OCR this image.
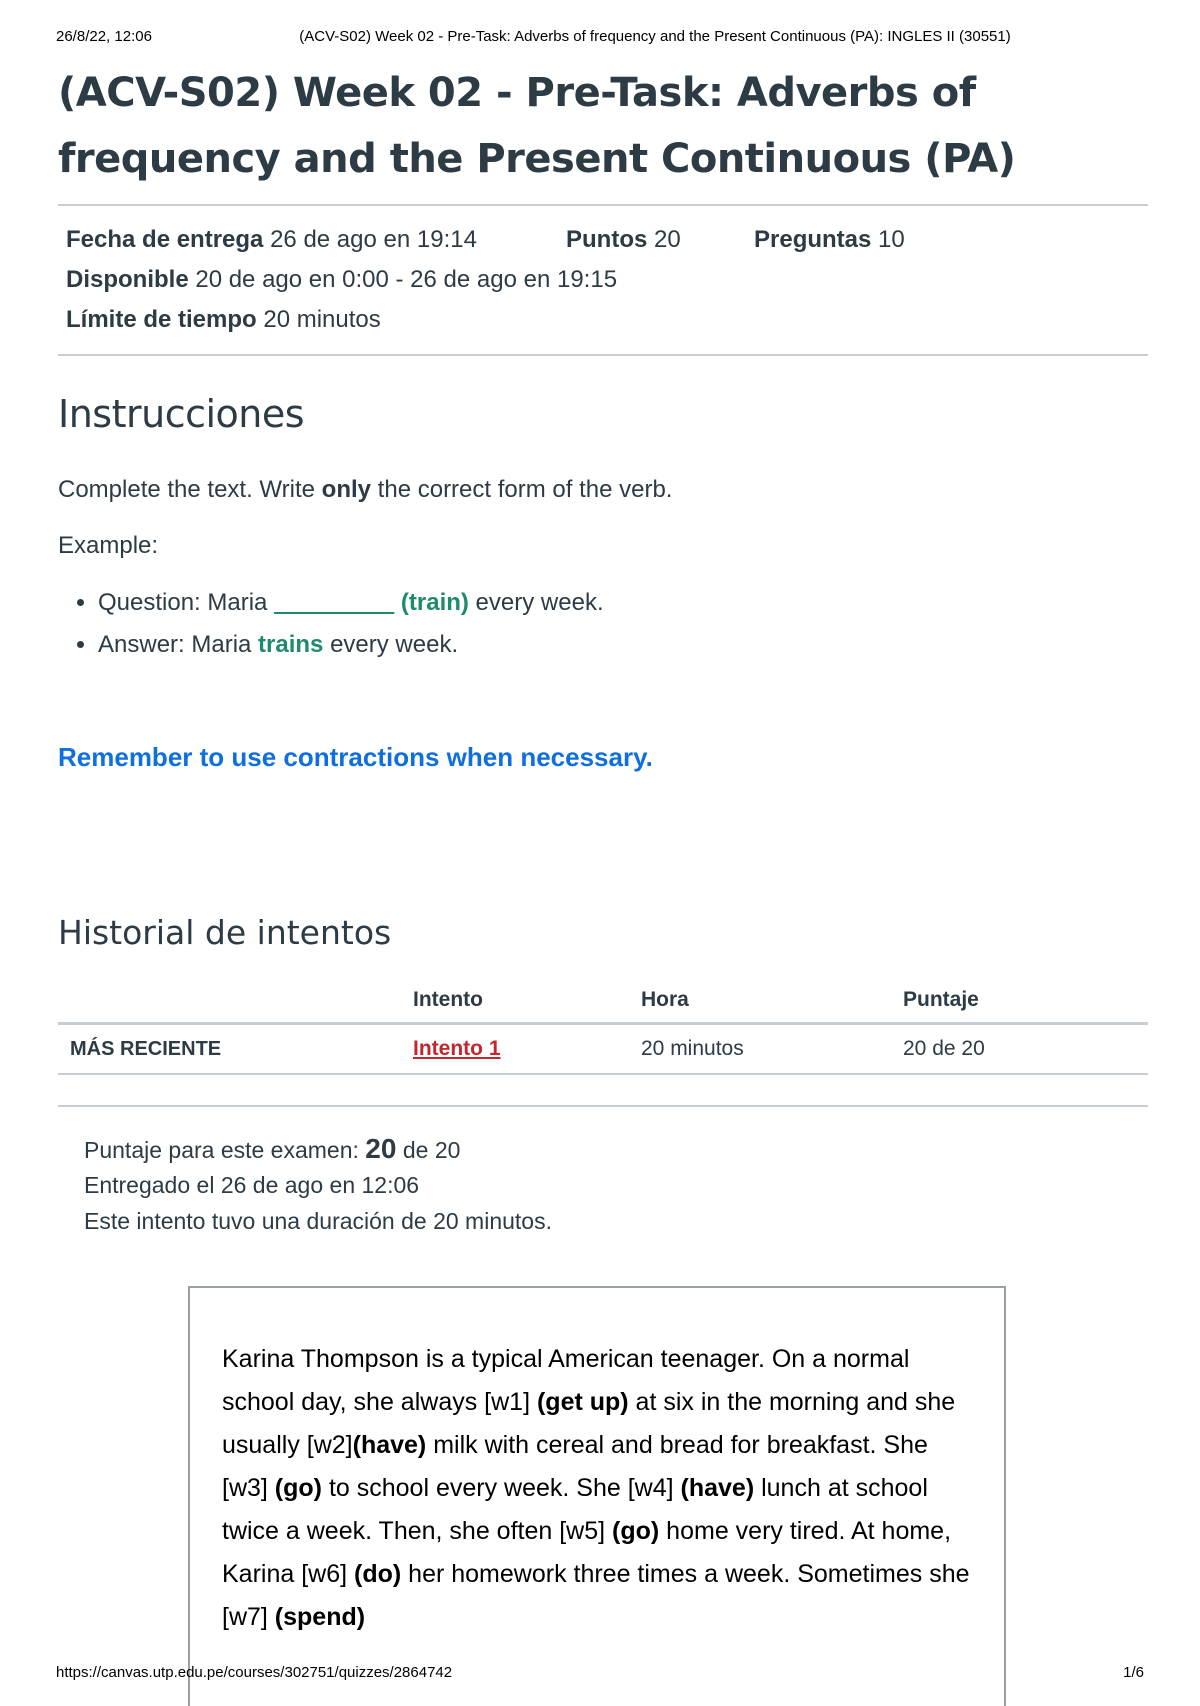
26/8/22, 12:06	(ACV-S02) Week 02 - Pre-Task: Adverbs of frequency and the Present Continuous (PA): INGLES II (30551)
(ACV-S02) Week 02 - Pre-Task: Adverbs of frequency and the Present Continuous (PA)
Fecha de entrega 26 de ago en 19:14	Puntos 20	Preguntas 10
Disponible 20 de ago en 0:00 - 26 de ago en 19:15
Límite de tiempo 20 minutos
Instrucciones
Complete the text. Write only the correct form of the verb.
Example:
• Question: Maria _________ (train) every week.
• Answer: Maria trains every week.
Remember to use contractions when necessary.
Historial de intentos
	Intento	Hora	Puntaje
MÁS RECIENTE	Intento 1	20 minutos	20 de 20
Puntaje para este examen: 20 de 20
Entregado el 26 de ago en 12:06
Este intento tuvo una duración de 20 minutos.
Karina Thompson is a typical American teenager. On a normal school day, she always [w1] (get up) at six in the morning and she usually [w2](have) milk with cereal and bread for breakfast. She [w3] (go) to school every week. She [w4] (have) lunch at school twice a week. Then, she often [w5] (go) home very tired. At home, Karina [w6] (do) her homework three times a week. Sometimes she [w7] (spend)
https://canvas.utp.edu.pe/courses/302751/quizzes/2864742	1/6
